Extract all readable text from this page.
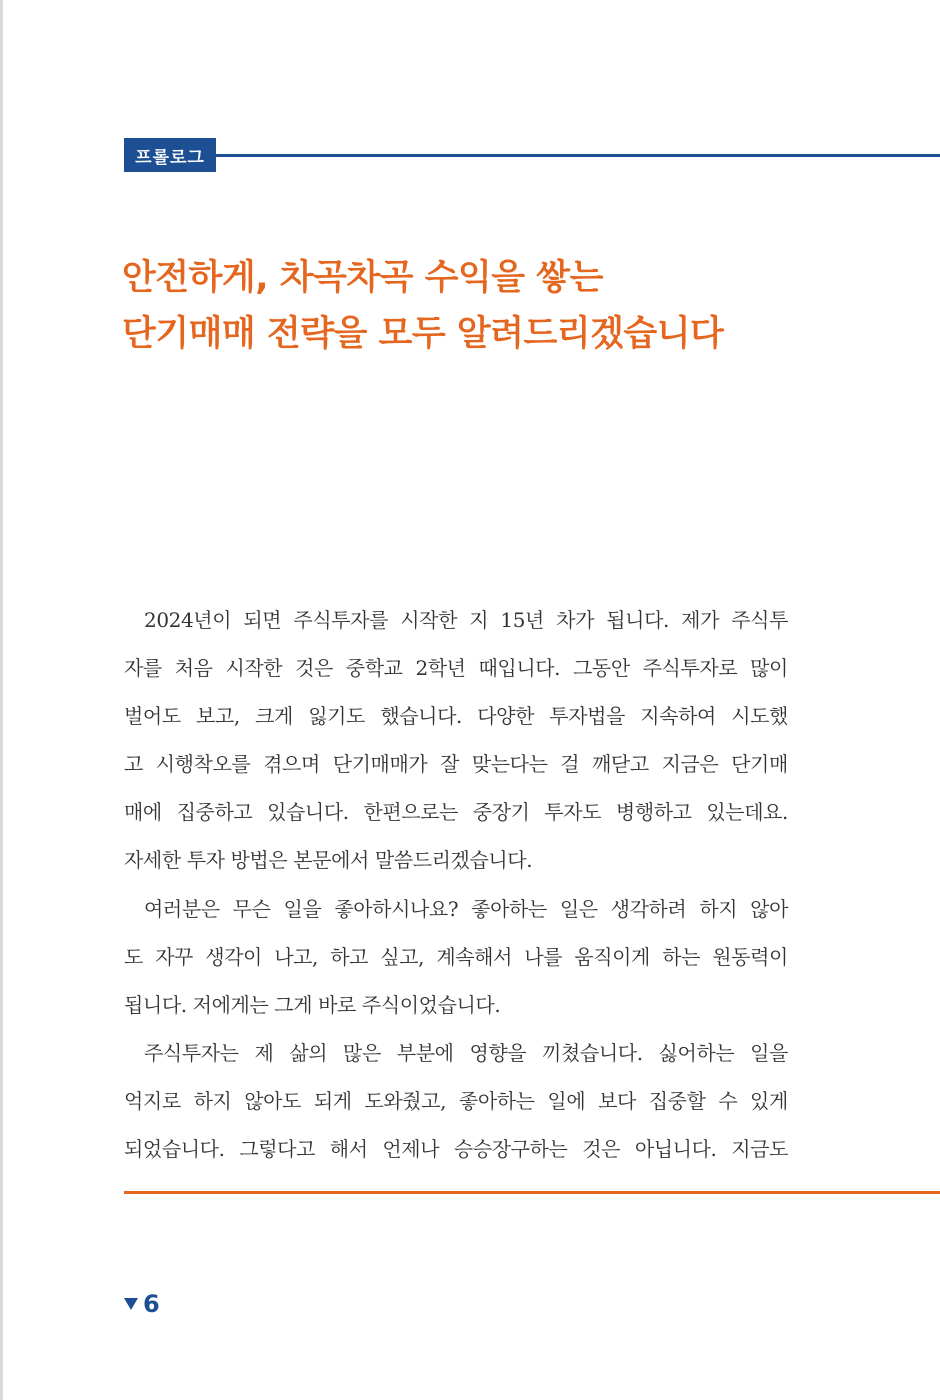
프롤로그
안전하게, 차곡차곡 수익을 쌓는
단기매매 전략을 모두 알려드리겠습니다
2024년이 되면 주식투자를 시작한 지 15년 차가 됩니다. 제가 주식투
자를 처음 시작한 것은 중학교 2학년 때입니다. 그동안 주식투자로 많이
벌어도 보고, 크게 잃기도 했습니다. 다양한 투자법을 지속하여 시도했
고 시행착오를 겪으며 단기매매가 잘 맞는다는 걸 깨닫고 지금은 단기매
매에 집중하고 있습니다. 한편으로는 중장기 투자도 병행하고 있는데요.
자세한 투자 방법은 본문에서 말씀드리겠습니다.
여러분은 무슨 일을 좋아하시나요? 좋아하는 일은 생각하려 하지 않아
도 자꾸 생각이 나고, 하고 싶고, 계속해서 나를 움직이게 하는 원동력이
됩니다. 저에게는 그게 바로 주식이었습니다.
주식투자는 제 삶의 많은 부분에 영향을 끼쳤습니다. 싫어하는 일을
억지로 하지 않아도 되게 도와줬고, 좋아하는 일에 보다 집중할 수 있게
되었습니다. 그렇다고 해서 언제나 승승장구하는 것은 아닙니다. 지금도
6
